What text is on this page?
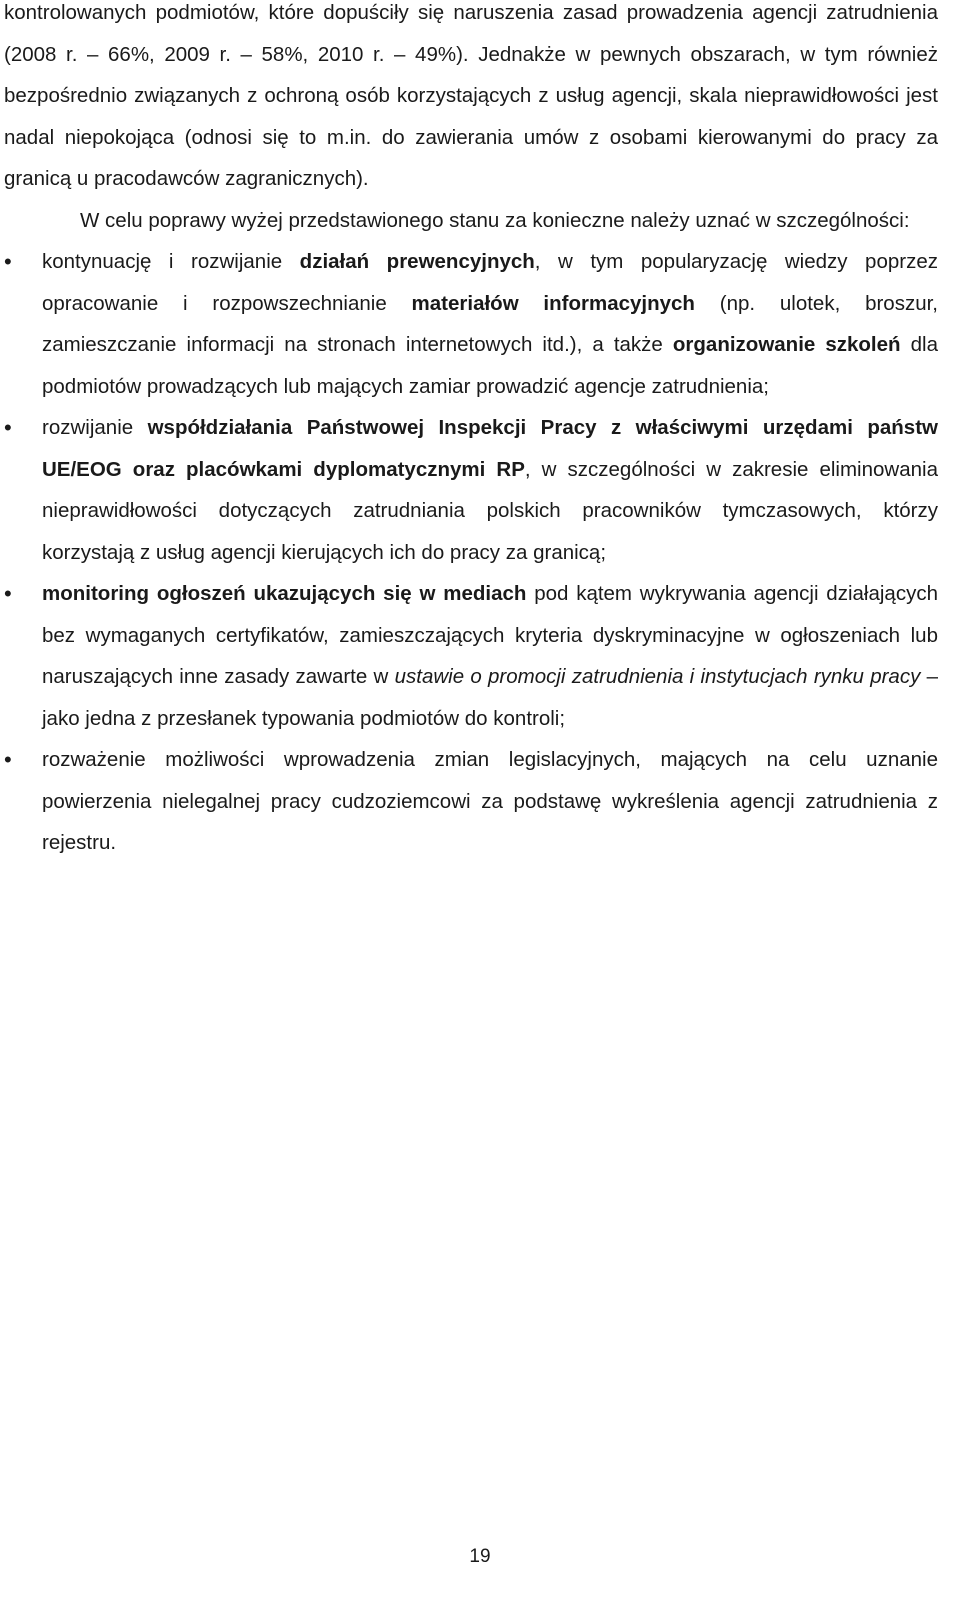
kontrolowanych podmiotów, które dopuściły się naruszenia zasad prowadzenia agencji zatrudnienia (2008 r. – 66%, 2009 r. – 58%, 2010 r. – 49%). Jednakże w pewnych obszarach, w tym również bezpośrednio związanych z ochroną osób korzystających z usług agencji, skala nieprawidłowości jest nadal niepokojąca (odnosi się to m.in. do zawierania umów z osobami kierowanymi do pracy za granicą u pracodawców zagranicznych).

W celu poprawy wyżej przedstawionego stanu za konieczne należy uznać w szczególności:

•	kontynuację i rozwijanie działań prewencyjnych, w tym popularyzację wiedzy poprzez opracowanie i rozpowszechnianie materiałów informacyjnych (np. ulotek, broszur, zamieszczanie informacji na stronach internetowych itd.), a także organizowanie szkoleń dla podmiotów prowadzących lub mających zamiar prowadzić agencje zatrudnienia;
•	rozwijanie współdziałania Państwowej Inspekcji Pracy z właściwymi urzędami państw UE/EOG oraz placówkami dyplomatycznymi RP, w szczególności w zakresie eliminowania nieprawidłowości dotyczących zatrudniania polskich pracowników tymczasowych, którzy korzystają z usług agencji kierujących ich do pracy za granicą;
•	monitoring ogłoszeń ukazujących się w mediach pod kątem wykrywania agencji działających bez wymaganych certyfikatów, zamieszczających kryteria dyskryminacyjne w ogłoszeniach lub naruszających inne zasady zawarte w ustawie o promocji zatrudnienia i instytucjach rynku pracy – jako jedna z przesłanek typowania podmiotów do kontroli;
•	rozważenie możliwości wprowadzenia zmian legislacyjnych, mających na celu uznanie powierzenia nielegalnej pracy cudzoziemcowi za podstawę wykreślenia agencji zatrudnienia z rejestru.
19
